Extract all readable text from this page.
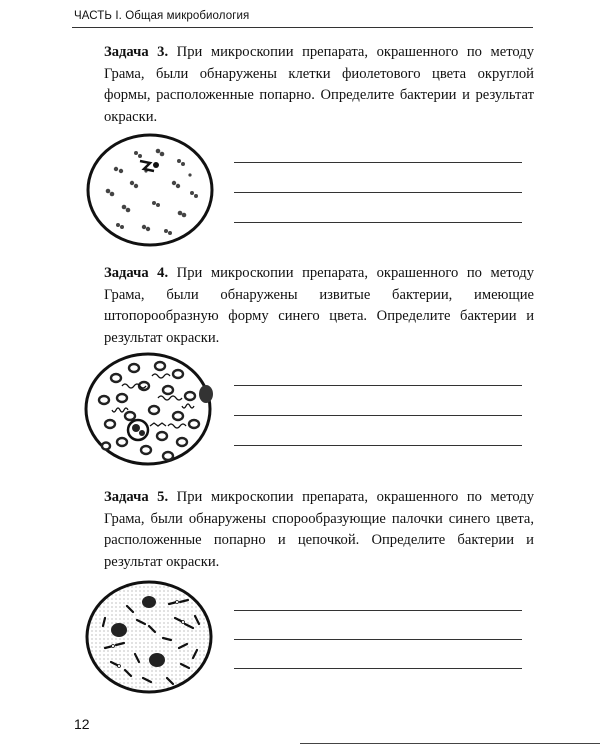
ЧАСТЬ I. Общая микробиология
Задача 3. При микроскопии препарата, окрашенного по методу Грама, были обнаружены клетки фиолетового цвета округлой формы, расположенные попарно. Определите бактерии и результат окраски.
Задача 4. При микроскопии препарата, окрашенного по методу Грама, были обнаружены извитые бактерии, имеющие штопорообразную форму синего цвета. Определите бактерии и результат окраски.
Задача 5. При микроскопии препарата, окрашенного по методу Грама, были обнаружены спорообразующие палочки синего цвета, расположенные попарно и цепочкой. Определите бактерии и результат окраски.
12
